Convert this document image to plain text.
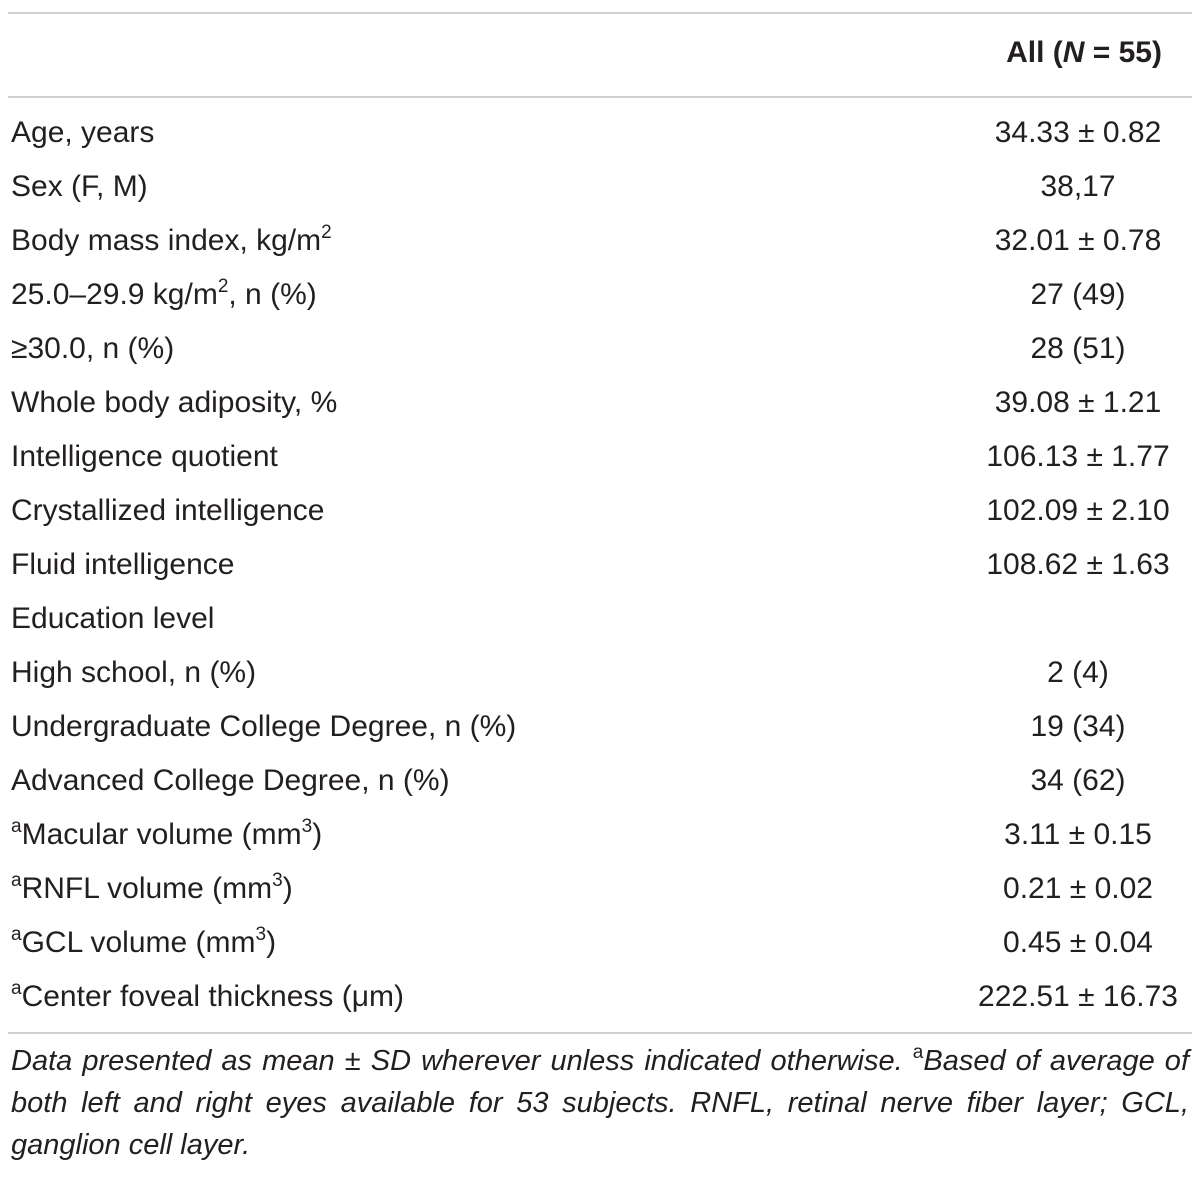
All (N = 55)
Age, years	34.33 ± 0.82
Sex (F, M)	38,17
Body mass index, $kg/m^2$	32.01 ± 0.78
25.0–29.9 $kg/m^2$, n (%)	27 (49)
≥30.0, n (%)	28 (51)
Whole body adiposity, %	39.08 ± 1.21
Intelligence quotient	106.13 ± 1.77
Crystallized intelligence	102.09 ± 2.10
Fluid intelligence	108.62 ± 1.63
Education level
High school, n (%)	2 (4)
Undergraduate College Degree, n (%)	19 (34)
Advanced College Degree, n (%)	34 (62)
$^a$Macular volume $(mm^3)$	3.11 ± 0.15
$^a$RNFL volume $(mm^3)$	0.21 ± 0.02
$^a$GCL volume $(mm^3)$	0.45 ± 0.04
$^a$Center foveal thickness (μm)	222.51 ± 16.73
Data presented as mean ± SD wherever unless indicated otherwise. $^a$Based of average of both left and right eyes available for 53 subjects. RNFL, retinal nerve fiber layer; GCL, ganglion cell layer.
